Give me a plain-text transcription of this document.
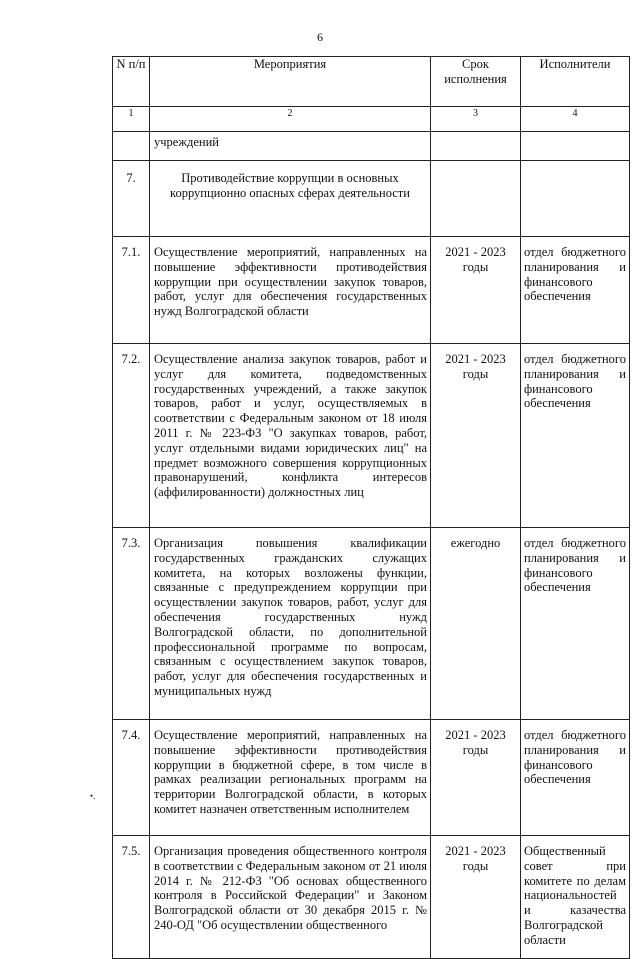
6
.
•.
N п/п	Мероприятия	Срок исполнения	Исполнители
1	2	3	4
	учреждений		
7.	Противодействие коррупции в основных коррупционно опасных сферах деятельности		
7.1.	Осуществление мероприятий, направленных на повышение эффективности противодействия коррупции при осуществлении закупок товаров, работ, услуг для обеспечения государственных нужд Волгоградской области	2021 - 2023 годы	отдел бюджетного планирования и финансового обеспечения
7.2.	Осуществление анализа закупок товаров, работ и услуг для комитета, подведомственных государственных учреждений, а также закупок товаров, работ и услуг, осуществляемых в соответствии с Федеральным законом от 18 июля 2011 г. № 223-ФЗ "О закупках товаров, работ, услуг отдельными видами юридических лиц" на предмет возможного совершения коррупционных правонарушений, конфликта интересов (аффилированности) должностных лиц	2021 - 2023 годы	отдел бюджетного планирования и финансового обеспечения
7.3.	Организация повышения квалификации государственных гражданских служащих комитета, на которых возложены функции, связанные с предупреждением коррупции при осуществлении закупок товаров, работ, услуг для обеспечения государственных нужд Волгоградской области, по дополнительной профессиональной программе по вопросам, связанным с осуществлением закупок товаров, работ, услуг для обеспечения государственных и муниципальных нужд	ежегодно	отдел бюджетного планирования и финансового обеспечения
7.4.	Осуществление мероприятий, направленных на повышение эффективности противодействия коррупции в бюджетной сфере, в том числе в рамках реализации региональных программ на территории Волгоградской области, в которых комитет назначен ответственным исполнителем	2021 - 2023 годы	отдел бюджетного планирования и финансового обеспечения
7.5.	Организация проведения общественного контроля в соответствии с Федеральным законом от 21 июля 2014 г. № 212-ФЗ "Об основах общественного контроля в Российской Федерации" и Законом Волгоградской области от 30 декабря 2015 г. № 240-ОД "Об осуществлении общественного	2021 - 2023 годы	Общественный совет при комитете по делам национальностей и казачества Волгоградской области
